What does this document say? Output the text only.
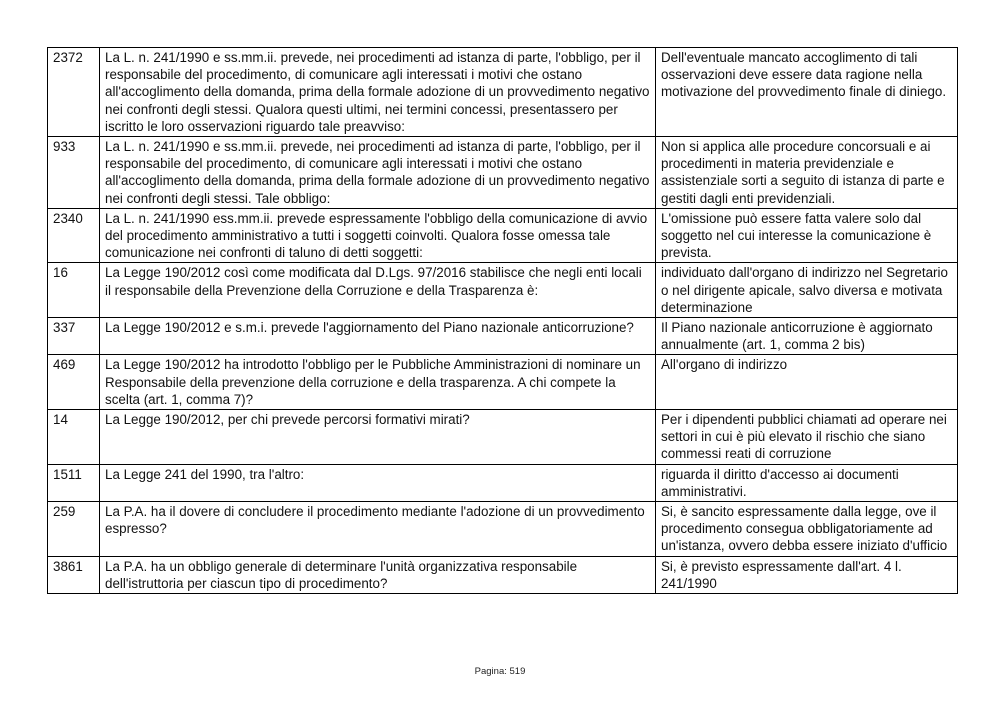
2372	La L. n. 241/1990 e ss.mm.ii. prevede, nei procedimenti ad istanza di parte, l'obbligo, per il responsabile del procedimento, di comunicare agli interessati i motivi che ostano all'accoglimento della domanda, prima della formale adozione di un provvedimento negativo nei confronti degli stessi. Qualora questi ultimi, nei termini concessi, presentassero per iscritto le loro osservazioni riguardo tale preavviso:	Dell'eventuale mancato accoglimento di tali osservazioni deve essere data ragione nella motivazione del provvedimento finale di diniego.
933	La L. n. 241/1990 e ss.mm.ii. prevede, nei procedimenti ad istanza di parte, l'obbligo, per il responsabile del procedimento, di comunicare agli interessati i motivi che ostano all'accoglimento della domanda, prima della formale adozione di un provvedimento negativo nei confronti degli stessi. Tale obbligo:	Non si applica alle procedure concorsuali e ai procedimenti in materia previdenziale e assistenziale sorti a seguito di istanza di parte e gestiti dagli enti previdenziali.
2340	La L. n. 241/1990 ess.mm.ii. prevede espressamente l'obbligo della comunicazione di avvio del procedimento amministrativo a tutti i soggetti coinvolti. Qualora fosse omessa tale comunicazione nei confronti di taluno di detti soggetti:	L'omissione può essere fatta valere solo dal soggetto nel cui interesse la comunicazione è prevista.
16	La Legge 190/2012 così come modificata dal D.Lgs. 97/2016 stabilisce che negli enti locali il responsabile della Prevenzione della Corruzione e della Trasparenza è:	individuato dall'organo di indirizzo nel Segretario o nel dirigente apicale, salvo diversa e motivata determinazione
337	La Legge 190/2012 e s.m.i. prevede l'aggiornamento del Piano nazionale anticorruzione?	Il Piano nazionale anticorruzione è aggiornato annualmente (art. 1, comma 2 bis)
469	La Legge 190/2012 ha introdotto l'obbligo per le Pubbliche Amministrazioni di nominare un Responsabile della prevenzione della corruzione e della trasparenza. A chi compete la scelta (art. 1, comma 7)?	All'organo di indirizzo
14	La Legge 190/2012, per chi prevede percorsi formativi mirati?	Per i dipendenti pubblici chiamati ad operare nei settori in cui è più elevato il rischio che siano commessi reati di corruzione
1511	La Legge 241 del 1990, tra l'altro:	riguarda il diritto d'accesso ai documenti amministrativi.
259	La P.A. ha il dovere di concludere il procedimento mediante l'adozione di un provvedimento espresso?	Si, è sancito espressamente dalla legge, ove il procedimento consegua obbligatoriamente ad un'istanza, ovvero debba essere iniziato d'ufficio
3861	La P.A. ha un obbligo generale di determinare l'unità organizzativa responsabile dell'istruttoria per ciascun tipo di procedimento?	Si, è previsto espressamente dall'art. 4 l. 241/1990
Pagina: 519
